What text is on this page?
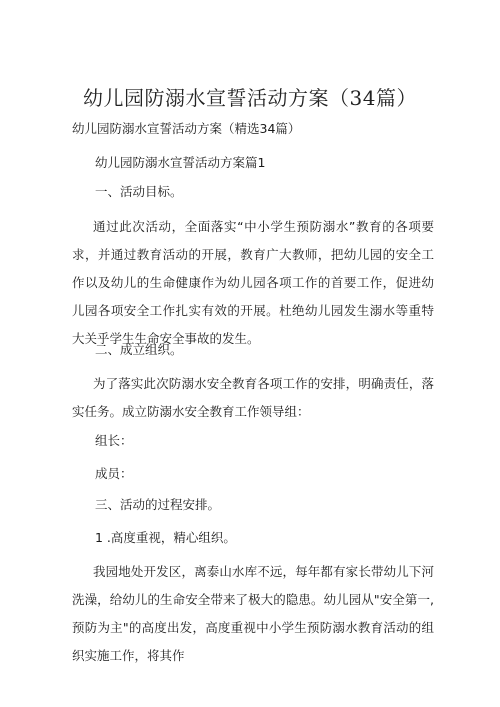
幼儿园防溺水宣誓活动方案（34篇）
幼儿园防溺水宣誓活动方案（精选34篇）
幼儿园防溺水宣誓活动方案篇1
一、活动目标。
通过此次活动，全面落实“中小学生预防溺水”教育的各项要求，并通过教育活动的开展，教育广大教师，把幼儿园的安全工作以及幼儿的生命健康作为幼儿园各项工作的首要工作，促进幼儿园各项安全工作扎实有效的开展。杜绝幼儿园发生溺水等重特大关乎学生生命安全事故的发生。
二、成立组织。
为了落实此次防溺水安全教育各项工作的安排，明确责任，落实任务。成立防溺水安全教育工作领导组：
组长：
成员：
三、活动的过程安排。
1 .高度重视，精心组织。
我园地处开发区，离泰山水库不远，每年都有家长带幼儿下河洗澡，给幼儿的生命安全带来了极大的隐患。幼儿园从"安全第一,预防为主"的高度出发，高度重视中小学生预防溺水教育活动的组织实施工作，将其作
